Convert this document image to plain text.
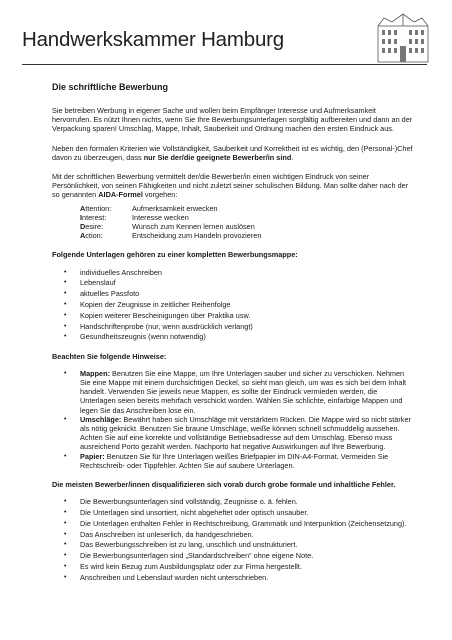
Handwerkskammer Hamburg

Die schriftliche Bewerbung

Sie betreiben Werbung in eigener Sache und wollen beim Empfänger Interesse und Aufmerksamkeit hervorrufen. Es nützt Ihnen nichts, wenn Sie Ihre Bewerbungsunterlagen sorgfältig aufbereiten und dann an der Verpackung sparen! Umschlag, Mappe, Inhalt, Sauberkeit und Ordnung machen den ersten Eindruck aus.

Neben den formalen Kriterien wie Vollständigkeit, Sauberkeit und Korrektheit ist es wichtig, den (Personal-)Chef davon zu überzeugen, dass nur Sie der/die geeignete Bewerber/in sind.

Mit der schriftlichen Bewerbung vermittelt der/die Bewerber/in einen wichtigen Eindruck von seiner Persönlichkeit, von seinen Fähigkeiten und nicht zuletzt seiner schulischen Bildung. Man sollte daher nach der so genannten AIDA-Formel vorgehen:

Attention:	Aufmerksamkeit erwecken
Interest:	Interesse wecken
Desire:	Wunsch zum Kennen lernen auslösen
Action:	Entscheidung zum Handeln provozieren

Folgende Unterlagen gehören zu einer kompletten Bewerbungsmappe:

• individuelles Anschreiben
• Lebenslauf
• aktuelles Passfoto
• Kopien der Zeugnisse in zeitlicher Reihenfolge
• Kopien weiterer Bescheinigungen über Praktika usw.
• Handschriftenprobe (nur, wenn ausdrücklich verlangt)
• Gesundheitszeugnis (wenn notwendig)

Beachten Sie folgende Hinweise:

• Mappen: Benutzen Sie eine Mappe, um Ihre Unterlagen sauber und sicher zu verschicken. Nehmen Sie eine Mappe mit einem durchsichtigen Deckel, so sieht man gleich, um was es sich bei dem Inhalt handelt. Verwenden Sie jeweils neue Mappen, es sollte der Eindruck vermieden werden, die Unterlagen seien bereits mehrfach verschickt worden. Wählen Sie schlichte, einfarbige Mappen und legen Sie das Anschreiben lose ein.
• Umschläge: Bewährt haben sich Umschläge mit verstärktem Rücken. Die Mappe wird so nicht stärker als nötig geknickt. Benutzen Sie braune Umschläge, weiße können schnell schmuddelig aussehen. Achten Sie auf eine korrekte und vollständige Betriebsadresse auf dem Umschlag. Ebenso muss ausreichend Porto gezahlt werden. Nachporto hat negative Auswirkungen auf Ihre Bewerbung.
• Papier: Benutzen Sie für Ihre Unterlagen weißes Briefpapier im DIN-A4-Format. Vermeiden Sie Rechtschreib- oder Tippfehler. Achten Sie auf saubere Unterlagen.

Die meisten Bewerber/innen disqualifizieren sich vorab durch grobe formale und inhaltliche Fehler.

• Die Bewerbungsunterlagen sind vollständig, Zeugnisse o. ä. fehlen.
• Die Unterlagen sind unsortiert, nicht abgeheftet oder optisch unsauber.
• Die Unterlagen enthalten Fehler in Rechtschreibung, Grammatik und Interpunktion (Zeichensetzung).
• Das Anschreiben ist unleserlich, da handgeschrieben.
• Das Bewerbungsschreiben ist zu lang, unschlich und unstrukturiert.
• Die Bewerbungsunterlagen sind „Standardschreiben“ ohne eigene Note.
• Es wird kein Bezug zum Ausbildungsplatz oder zur Firma hergestellt.
• Anschreiben und Lebenslauf wurden nicht unterschrieben.
